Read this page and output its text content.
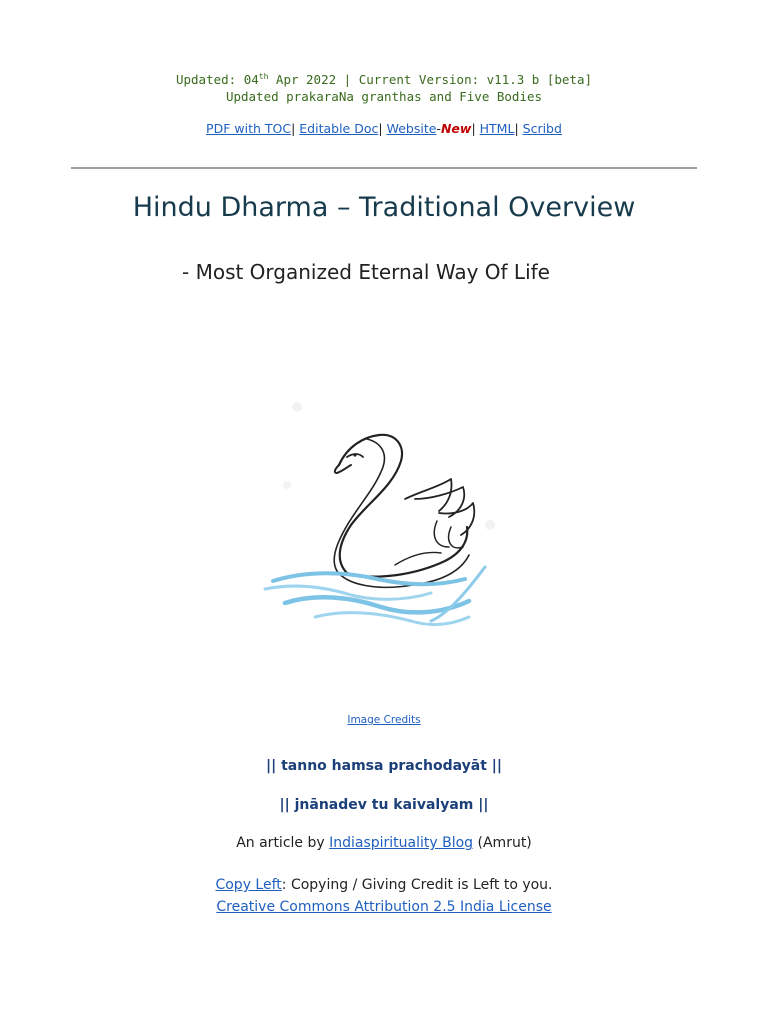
Updated: 04th Apr 2022 | Current Version: v11.3 b [beta]
Updated prakaraNa granthas and Five Bodies
PDF with TOC| Editable Doc| Website-New| HTML| Scribd
Hindu Dharma – Traditional Overview
- Most Organized Eternal Way Of Life
Image Credits
|| tanno hamsa prachodayāt ||
|| jnānadev tu kaivalyam ||
An article by Indiaspirituality Blog (Amrut)
Copy Left: Copying / Giving Credit is Left to you.
Creative Commons Attribution 2.5 India License
